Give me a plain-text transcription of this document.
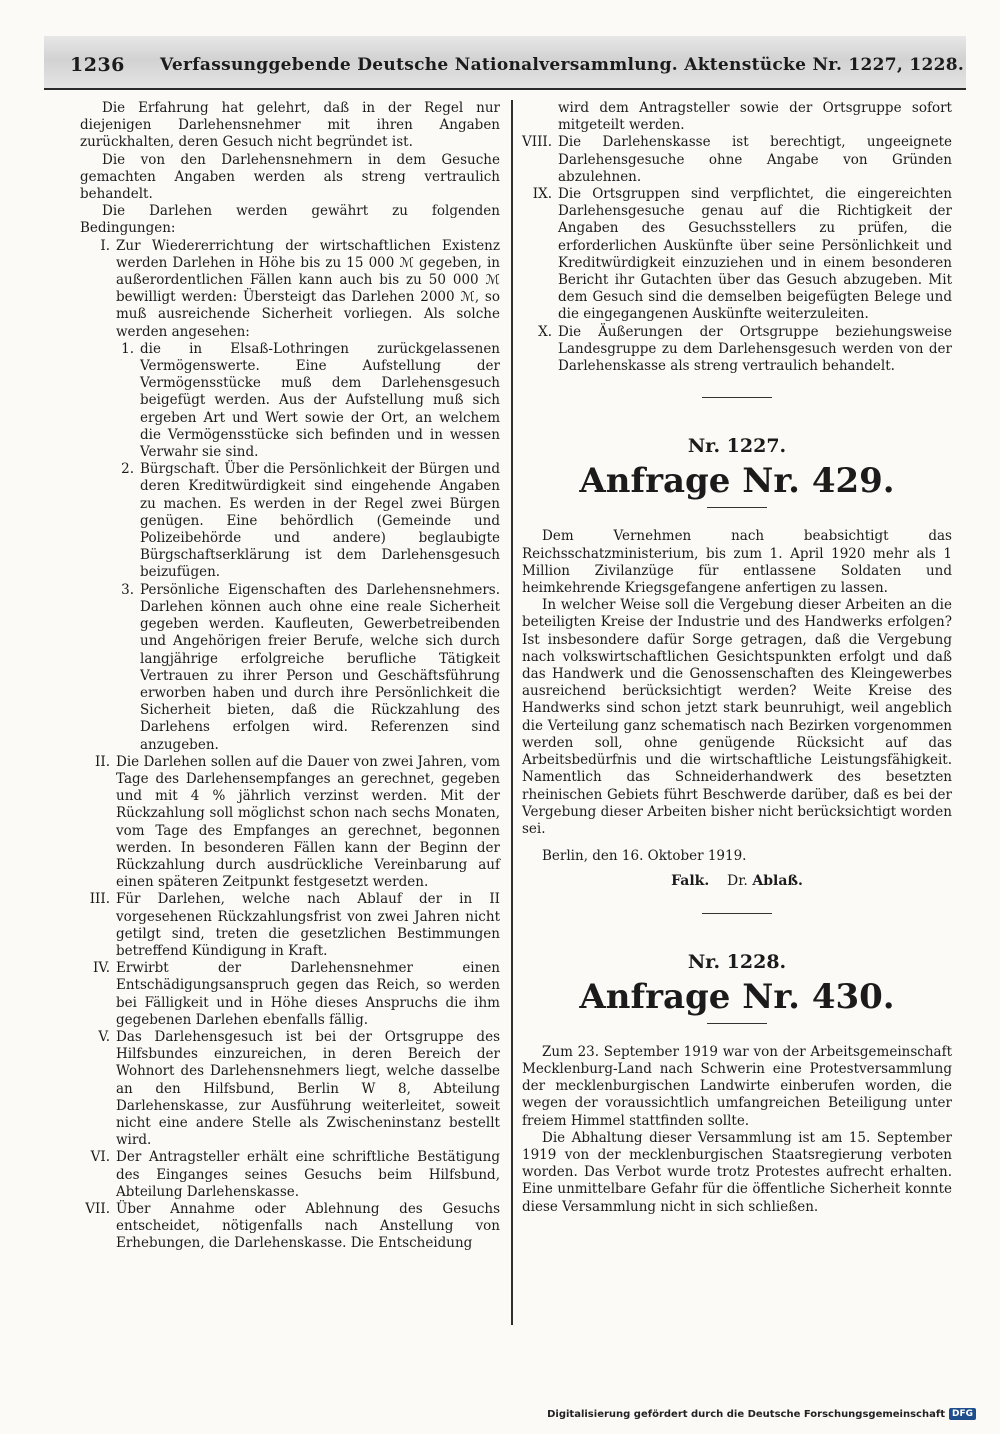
1236 Verfassunggebende Deutsche Nationalversammlung. Aktenstücke Nr. 1227, 1228.

Die Erfahrung hat gelehrt, daß in der Regel nur diejenigen Darlehensnehmer mit ihren Angaben zurückhalten, deren Gesuch nicht begründet ist.

Die von den Darlehensnehmern in dem Gesuche gemachten Angaben werden als streng vertraulich behandelt.

Die Darlehen werden gewährt zu folgenden Bedingungen:

I. Zur Wiedererrichtung der wirtschaftlichen Existenz werden Darlehen in Höhe bis zu 15 000 ℳ gegeben, in außerordentlichen Fällen kann auch bis zu 50 000 ℳ bewilligt werden: Übersteigt das Darlehen 2000 ℳ, so muß ausreichende Sicherheit vorliegen. Als solche werden angesehen:
1. die in Elsaß-Lothringen zurückgelassenen Vermögenswerte. Eine Aufstellung der Vermögensstücke muß dem Darlehensgesuch beigefügt werden. Aus der Aufstellung muß sich ergeben Art und Wert sowie der Ort, an welchem die Vermögensstücke sich befinden und in wessen Verwahr sie sind.
2. Bürgschaft. Über die Persönlichkeit der Bürgen und deren Kreditwürdigkeit sind eingehende Angaben zu machen. Es werden in der Regel zwei Bürgen genügen. Eine behördlich (Gemeinde und Polizeibehörde und andere) beglaubigte Bürgschaftserklärung ist dem Darlehensgesuch beizufügen.
3. Persönliche Eigenschaften des Darlehensnehmers. Darlehen können auch ohne eine reale Sicherheit gegeben werden. Kaufleuten, Gewerbetreibenden und Angehörigen freier Berufe, welche sich durch langjährige erfolgreiche berufliche Tätigkeit Vertrauen zu ihrer Person und Geschäftsführung erworben haben und durch ihre Persönlichkeit die Sicherheit bieten, daß die Rückzahlung des Darlehens erfolgen wird. Referenzen sind anzugeben.
II. Die Darlehen sollen auf die Dauer von zwei Jahren, vom Tage des Darlehensempfanges an gerechnet, gegeben und mit 4 % jährlich verzinst werden. Mit der Rückzahlung soll möglichst schon nach sechs Monaten, vom Tage des Empfanges an gerechnet, begonnen werden. In besonderen Fällen kann der Beginn der Rückzahlung durch ausdrückliche Vereinbarung auf einen späteren Zeitpunkt festgesetzt werden.
III. Für Darlehen, welche nach Ablauf der in II vorgesehenen Rückzahlungsfrist von zwei Jahren nicht getilgt sind, treten die gesetzlichen Bestimmungen betreffend Kündigung in Kraft.
IV. Erwirbt der Darlehensnehmer einen Entschädigungsanspruch gegen das Reich, so werden bei Fälligkeit und in Höhe dieses Anspruchs die ihm gegebenen Darlehen ebenfalls fällig.
V. Das Darlehensgesuch ist bei der Ortsgruppe des Hilfsbundes einzureichen, in deren Bereich der Wohnort des Darlehensnehmers liegt, welche dasselbe an den Hilfsbund, Berlin W 8, Abteilung Darlehenskasse, zur Ausführung weiterleitet, soweit nicht eine andere Stelle als Zwischeninstanz bestellt wird.
VI. Der Antragsteller erhält eine schriftliche Bestätigung des Einganges seines Gesuchs beim Hilfsbund, Abteilung Darlehenskasse.
VII. Über Annahme oder Ablehnung des Gesuchs entscheidet, nötigenfalls nach Anstellung von Erhebungen, die Darlehenskasse. Die Entscheidung
wird dem Antragsteller sowie der Ortsgruppe sofort mitgeteilt werden.
VIII. Die Darlehenskasse ist berechtigt, ungeeignete Darlehensgesuche ohne Angabe von Gründen abzulehnen.
IX. Die Ortsgruppen sind verpflichtet, die eingereichten Darlehensgesuche genau auf die Richtigkeit der Angaben des Gesuchsstellers zu prüfen, die erforderlichen Auskünfte über seine Persönlichkeit und Kreditwürdigkeit einzuziehen und in einem besonderen Bericht ihr Gutachten über das Gesuch abzugeben. Mit dem Gesuch sind die demselben beigefügten Belege und die eingegangenen Auskünfte weiterzuleiten.
X. Die Äußerungen der Ortsgruppe beziehungsweise Landesgruppe zu dem Darlehensgesuch werden von der Darlehenskasse als streng vertraulich behandelt.
Nr. 1227.
Anfrage Nr. 429.

Dem Vernehmen nach beabsichtigt das Reichsschatzministerium, bis zum 1. April 1920 mehr als 1 Million Zivilanzüge für entlassene Soldaten und heimkehrende Kriegsgefangene anfertigen zu lassen.

In welcher Weise soll die Vergebung dieser Arbeiten an die beteiligten Kreise der Industrie und des Handwerks erfolgen? Ist insbesondere dafür Sorge getragen, daß die Vergebung nach volkswirtschaftlichen Gesichtspunkten erfolgt und daß das Handwerk und die Genossenschaften des Kleingewerbes ausreichend berücksichtigt werden? Weite Kreise des Handwerks sind schon jetzt stark beunruhigt, weil angeblich die Verteilung ganz schematisch nach Bezirken vorgenommen werden soll, ohne genügende Rücksicht auf das Arbeitsbedürfnis und die wirtschaftliche Leistungsfähigkeit. Namentlich das Schneiderhandwerk des besetzten rheinischen Gebiets führt Beschwerde darüber, daß es bei der Vergebung dieser Arbeiten bisher nicht berücksichtigt worden sei.

Berlin, den 16. Oktober 1919.

Falk. Dr. Ablaß.
Nr. 1228.
Anfrage Nr. 430.

Zum 23. September 1919 war von der Arbeitsgemeinschaft Mecklenburg-Land nach Schwerin eine Protestversammlung der mecklenburgischen Landwirte einberufen worden, die wegen der voraussichtlich umfangreichen Beteiligung unter freiem Himmel stattfinden sollte.

Die Abhaltung dieser Versammlung ist am 15. September 1919 von der mecklenburgischen Staatsregierung verboten worden. Das Verbot wurde trotz Protestes aufrecht erhalten. Eine unmittelbare Gefahr für die öffentliche Sicherheit konnte diese Versammlung nicht in sich schließen.

Digitalisierung gefördert durch die Deutsche Forschungsgemeinschaft DFG
